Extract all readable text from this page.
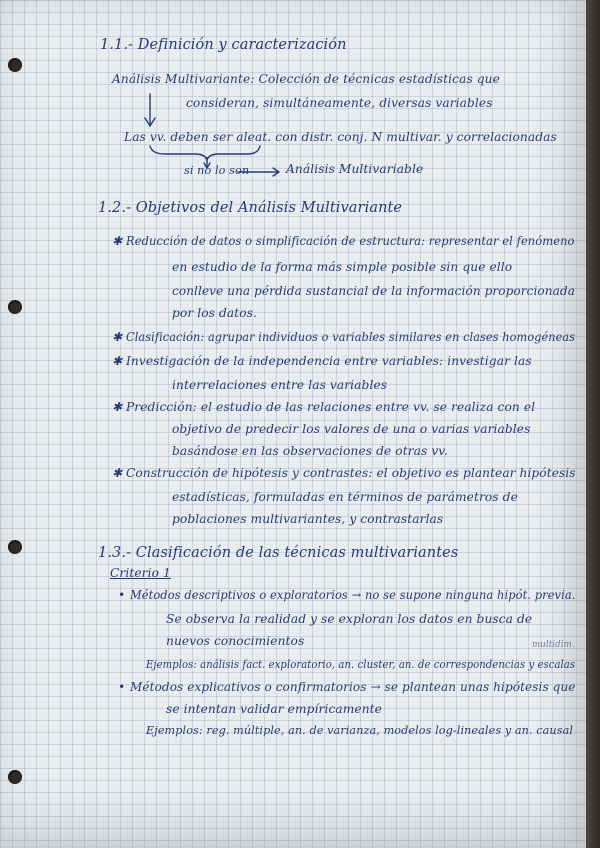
1.1.- Definición y caracterización
Análisis Multivariante: Colección de técnicas estadísticas que
consideran, simultáneamente, diversas variables
Las vv. deben ser aleat. con distr. conj. N multivar. y correlacionadas
si no lo son	Análisis Multivariable
1.2.- Objetivos del Análisis Multivariante
✱ Reducción de datos o simplificación de estructura: representar el fenómeno
en estudio de la forma más simple posible sin que ello
conlleve una pérdida sustancial de la información proporcionada
por los datos.
✱ Clasificación: agrupar individuos o variables similares en clases homogéneas
✱ Investigación de la independencia entre variables: investigar las
interrelaciones entre las variables
✱ Predicción: el estudio de las relaciones entre vv. se realiza con el
objetivo de predecir los valores de una o varias variables
basándose en las observaciones de otras vv.
✱ Construcción de hipótesis y contrastes: el objetivo es plantear hipótesis
estadísticas, formuladas en términos de parámetros de
poblaciones multivariantes, y contrastarlas
1.3.- Clasificación de las técnicas multivariantes
Criterio 1
• Métodos descriptivos o exploratorios → no se supone ninguna hipót. previa.
Se observa la realidad y se exploran los datos en busca de
nuevos conocimientos	multidim.
Ejemplos: análisis fact. exploratorio, an. cluster, an. de correspondencias y escalas
• Métodos explicativos o confirmatorios → se plantean unas hipótesis que
se intentan validar empíricamente
Ejemplos: reg. múltiple, an. de varianza, modelos log-lineales y an. causal
